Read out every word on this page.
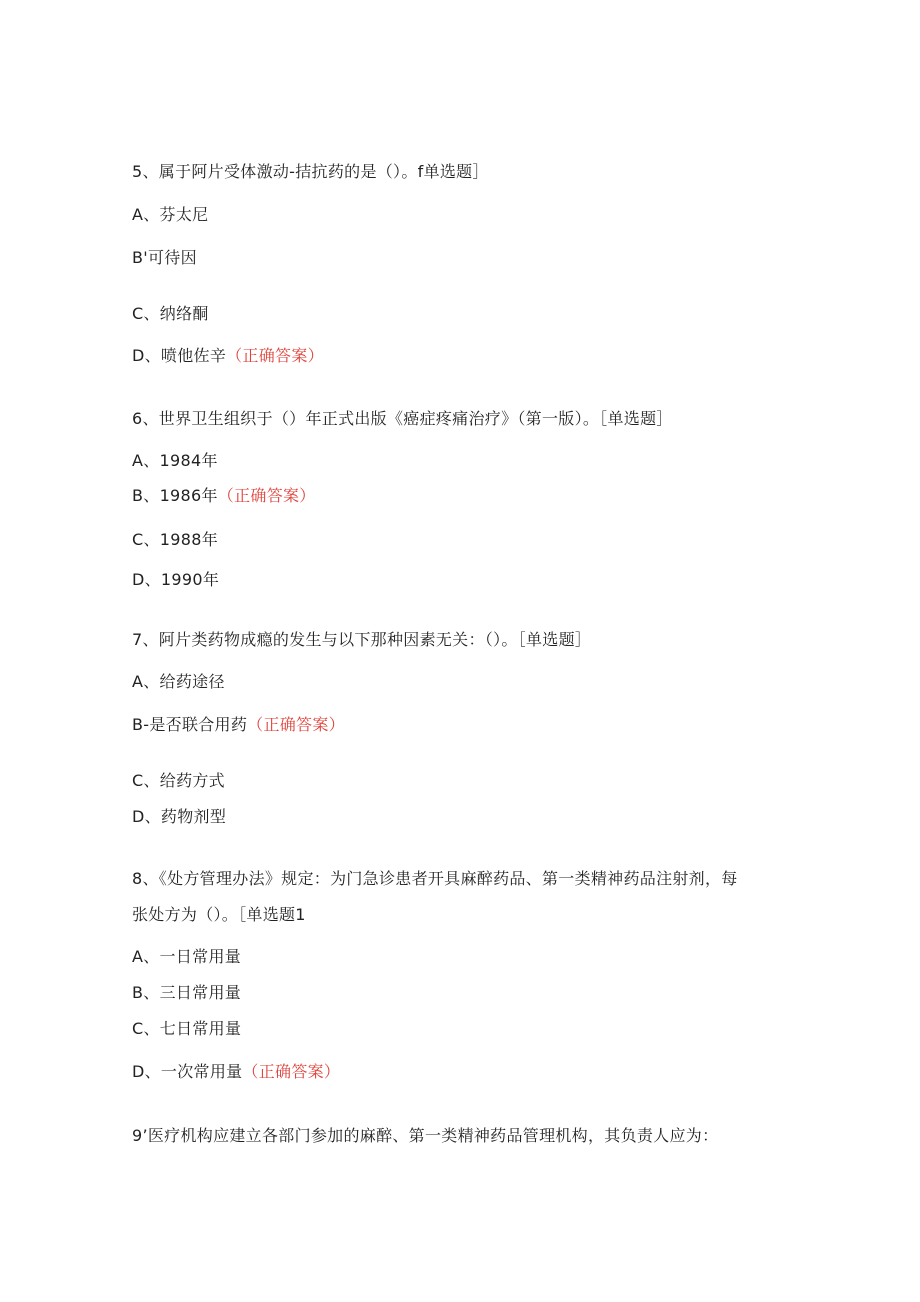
5、属于阿片受体激动-拮抗药的是（）。f单选题］
A、芬太尼
B'可待因
C、纳络酮
D、喷他佐辛（正确答案）
6、世界卫生组织于（）年正式出版《癌症疼痛治疗》（第一版）。［单选题］
A、1984年
B、1986年（正确答案）
C、1988年
D、1990年
7、阿片类药物成瘾的发生与以下那种因素无关：（）。［单选题］
A、给药途径
B-是否联合用药（正确答案）
C、给药方式
D、药物剂型
8、《处方管理办法》规定：为门急诊患者开具麻醉药品、第一类精神药品注射剂，每
张处方为（）。［单选题1
A、一日常用量
B、三日常用量
C、七日常用量
D、一次常用量（正确答案）
9’医疗机构应建立各部门参加的麻醉、第一类精神药品管理机构，其负责人应为：
